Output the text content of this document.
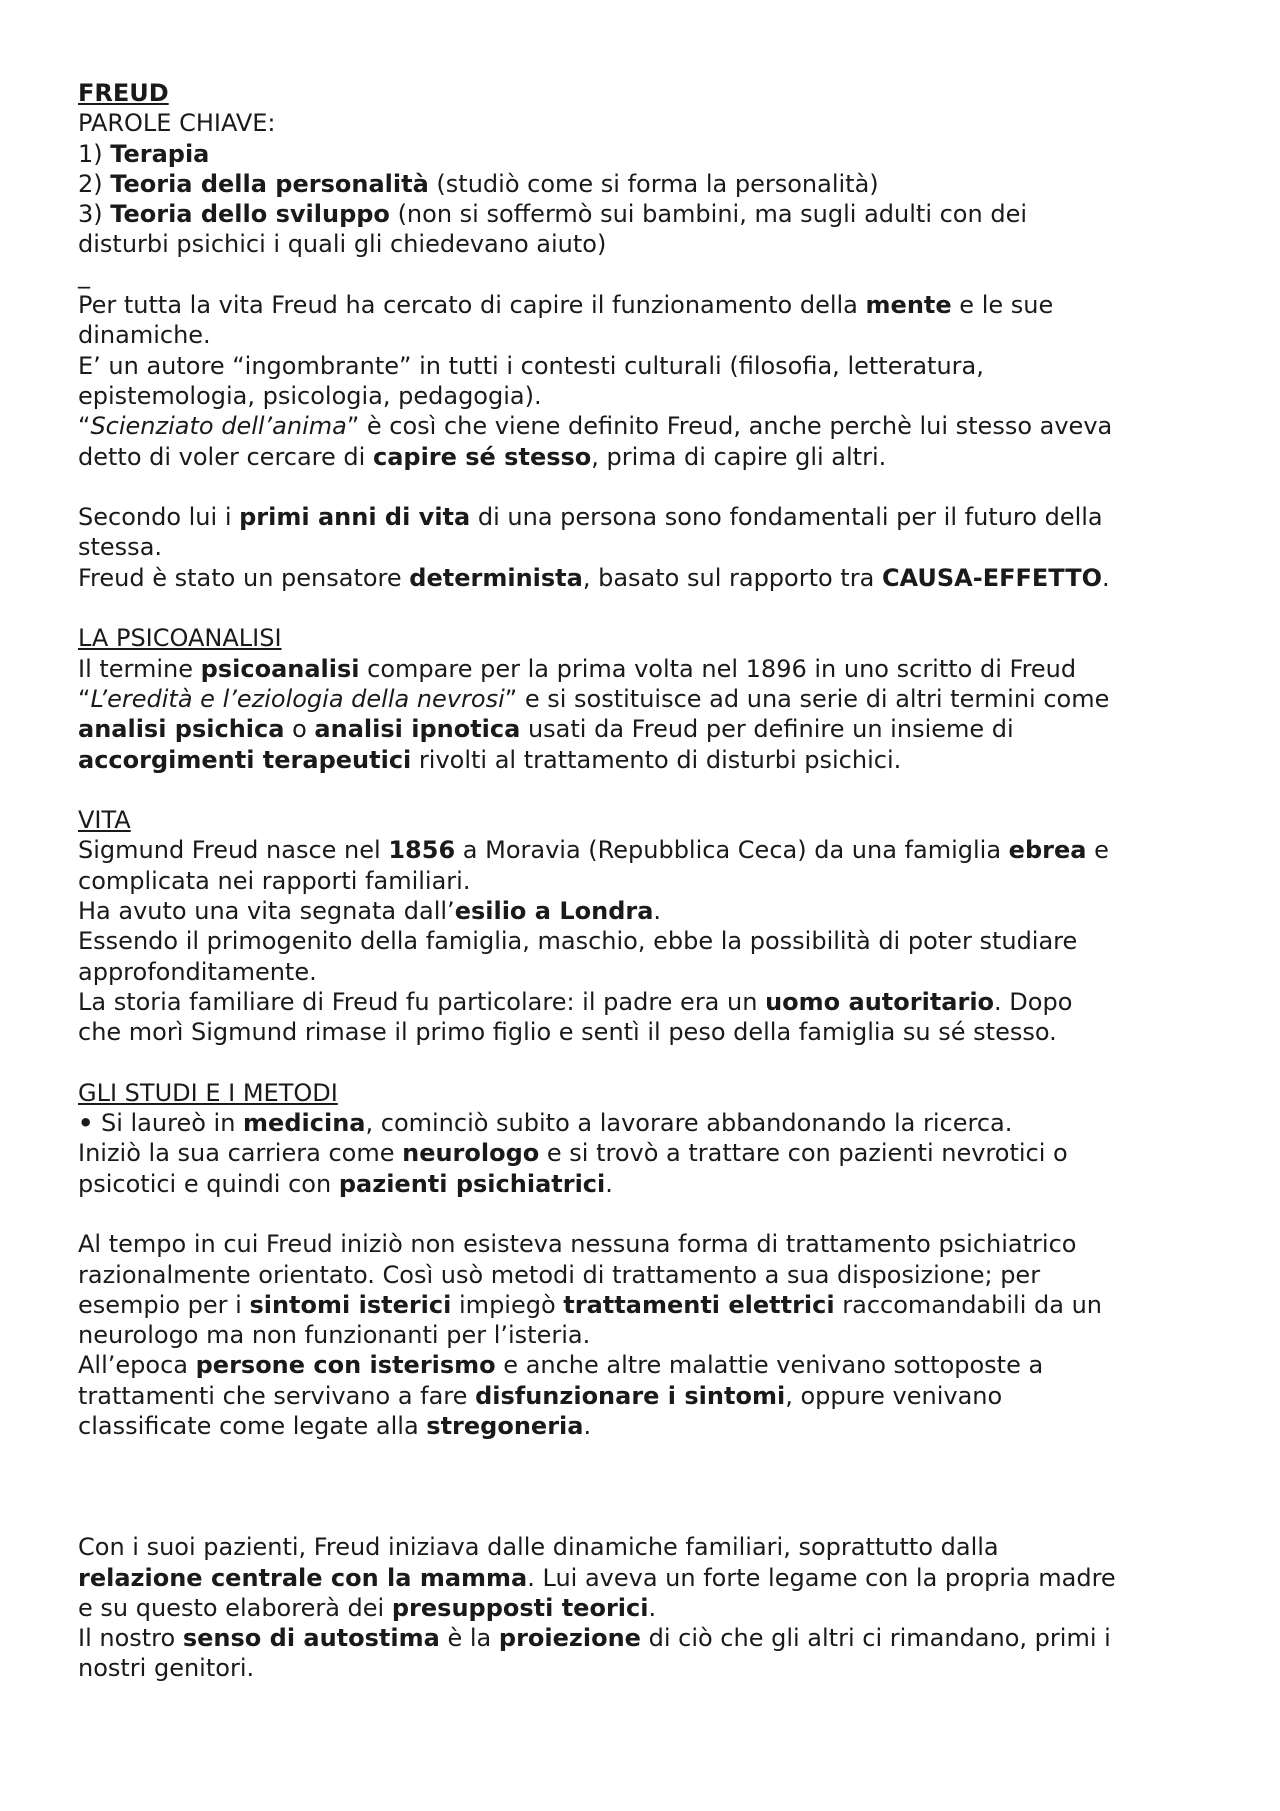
FREUD
PAROLE CHIAVE:
1) Terapia
2) Teoria della personalità (studiò come si forma la personalità)
3) Teoria dello sviluppo (non si soffermò sui bambini, ma sugli adulti con dei
disturbi psichici i quali gli chiedevano aiuto)
_
Per tutta la vita Freud ha cercato di capire il funzionamento della mente e le sue
dinamiche.
E’ un autore “ingombrante” in tutti i contesti culturali (filosofia, letteratura,
epistemologia, psicologia, pedagogia).
“Scienziato dell’anima” è così che viene definito Freud, anche perchè lui stesso aveva
detto di voler cercare di capire sé stesso, prima di capire gli altri.
Secondo lui i primi anni di vita di una persona sono fondamentali per il futuro della
stessa.
Freud è stato un pensatore determinista, basato sul rapporto tra CAUSA-EFFETTO.
LA PSICOANALISI
Il termine psicoanalisi compare per la prima volta nel 1896 in uno scritto di Freud
“L’eredità e l’eziologia della nevrosi” e si sostituisce ad una serie di altri termini come
analisi psichica o analisi ipnotica usati da Freud per definire un insieme di
accorgimenti terapeutici rivolti al trattamento di disturbi psichici.
VITA
Sigmund Freud nasce nel 1856 a Moravia (Repubblica Ceca) da una famiglia ebrea e
complicata nei rapporti familiari.
Ha avuto una vita segnata dall’esilio a Londra.
Essendo il primogenito della famiglia, maschio, ebbe la possibilità di poter studiare
approfonditamente.
La storia familiare di Freud fu particolare: il padre era un uomo autoritario. Dopo
che morì Sigmund rimase il primo figlio e sentì il peso della famiglia su sé stesso.
GLI STUDI E I METODI
• Si laureò in medicina, cominciò subito a lavorare abbandonando la ricerca.
Iniziò la sua carriera come neurologo e si trovò a trattare con pazienti nevrotici o
psicotici e quindi con pazienti psichiatrici.
Al tempo in cui Freud iniziò non esisteva nessuna forma di trattamento psichiatrico
razionalmente orientato. Così usò metodi di trattamento a sua disposizione; per
esempio per i sintomi isterici impiegò trattamenti elettrici raccomandabili da un
neurologo ma non funzionanti per l’isteria.
All’epoca persone con isterismo e anche altre malattie venivano sottoposte a
trattamenti che servivano a fare disfunzionare i sintomi, oppure venivano
classificate come legate alla stregoneria.
Con i suoi pazienti, Freud iniziava dalle dinamiche familiari, soprattutto dalla
relazione centrale con la mamma. Lui aveva un forte legame con la propria madre
e su questo elaborerà dei presupposti teorici.
Il nostro senso di autostima è la proiezione di ciò che gli altri ci rimandano, primi i
nostri genitori.
